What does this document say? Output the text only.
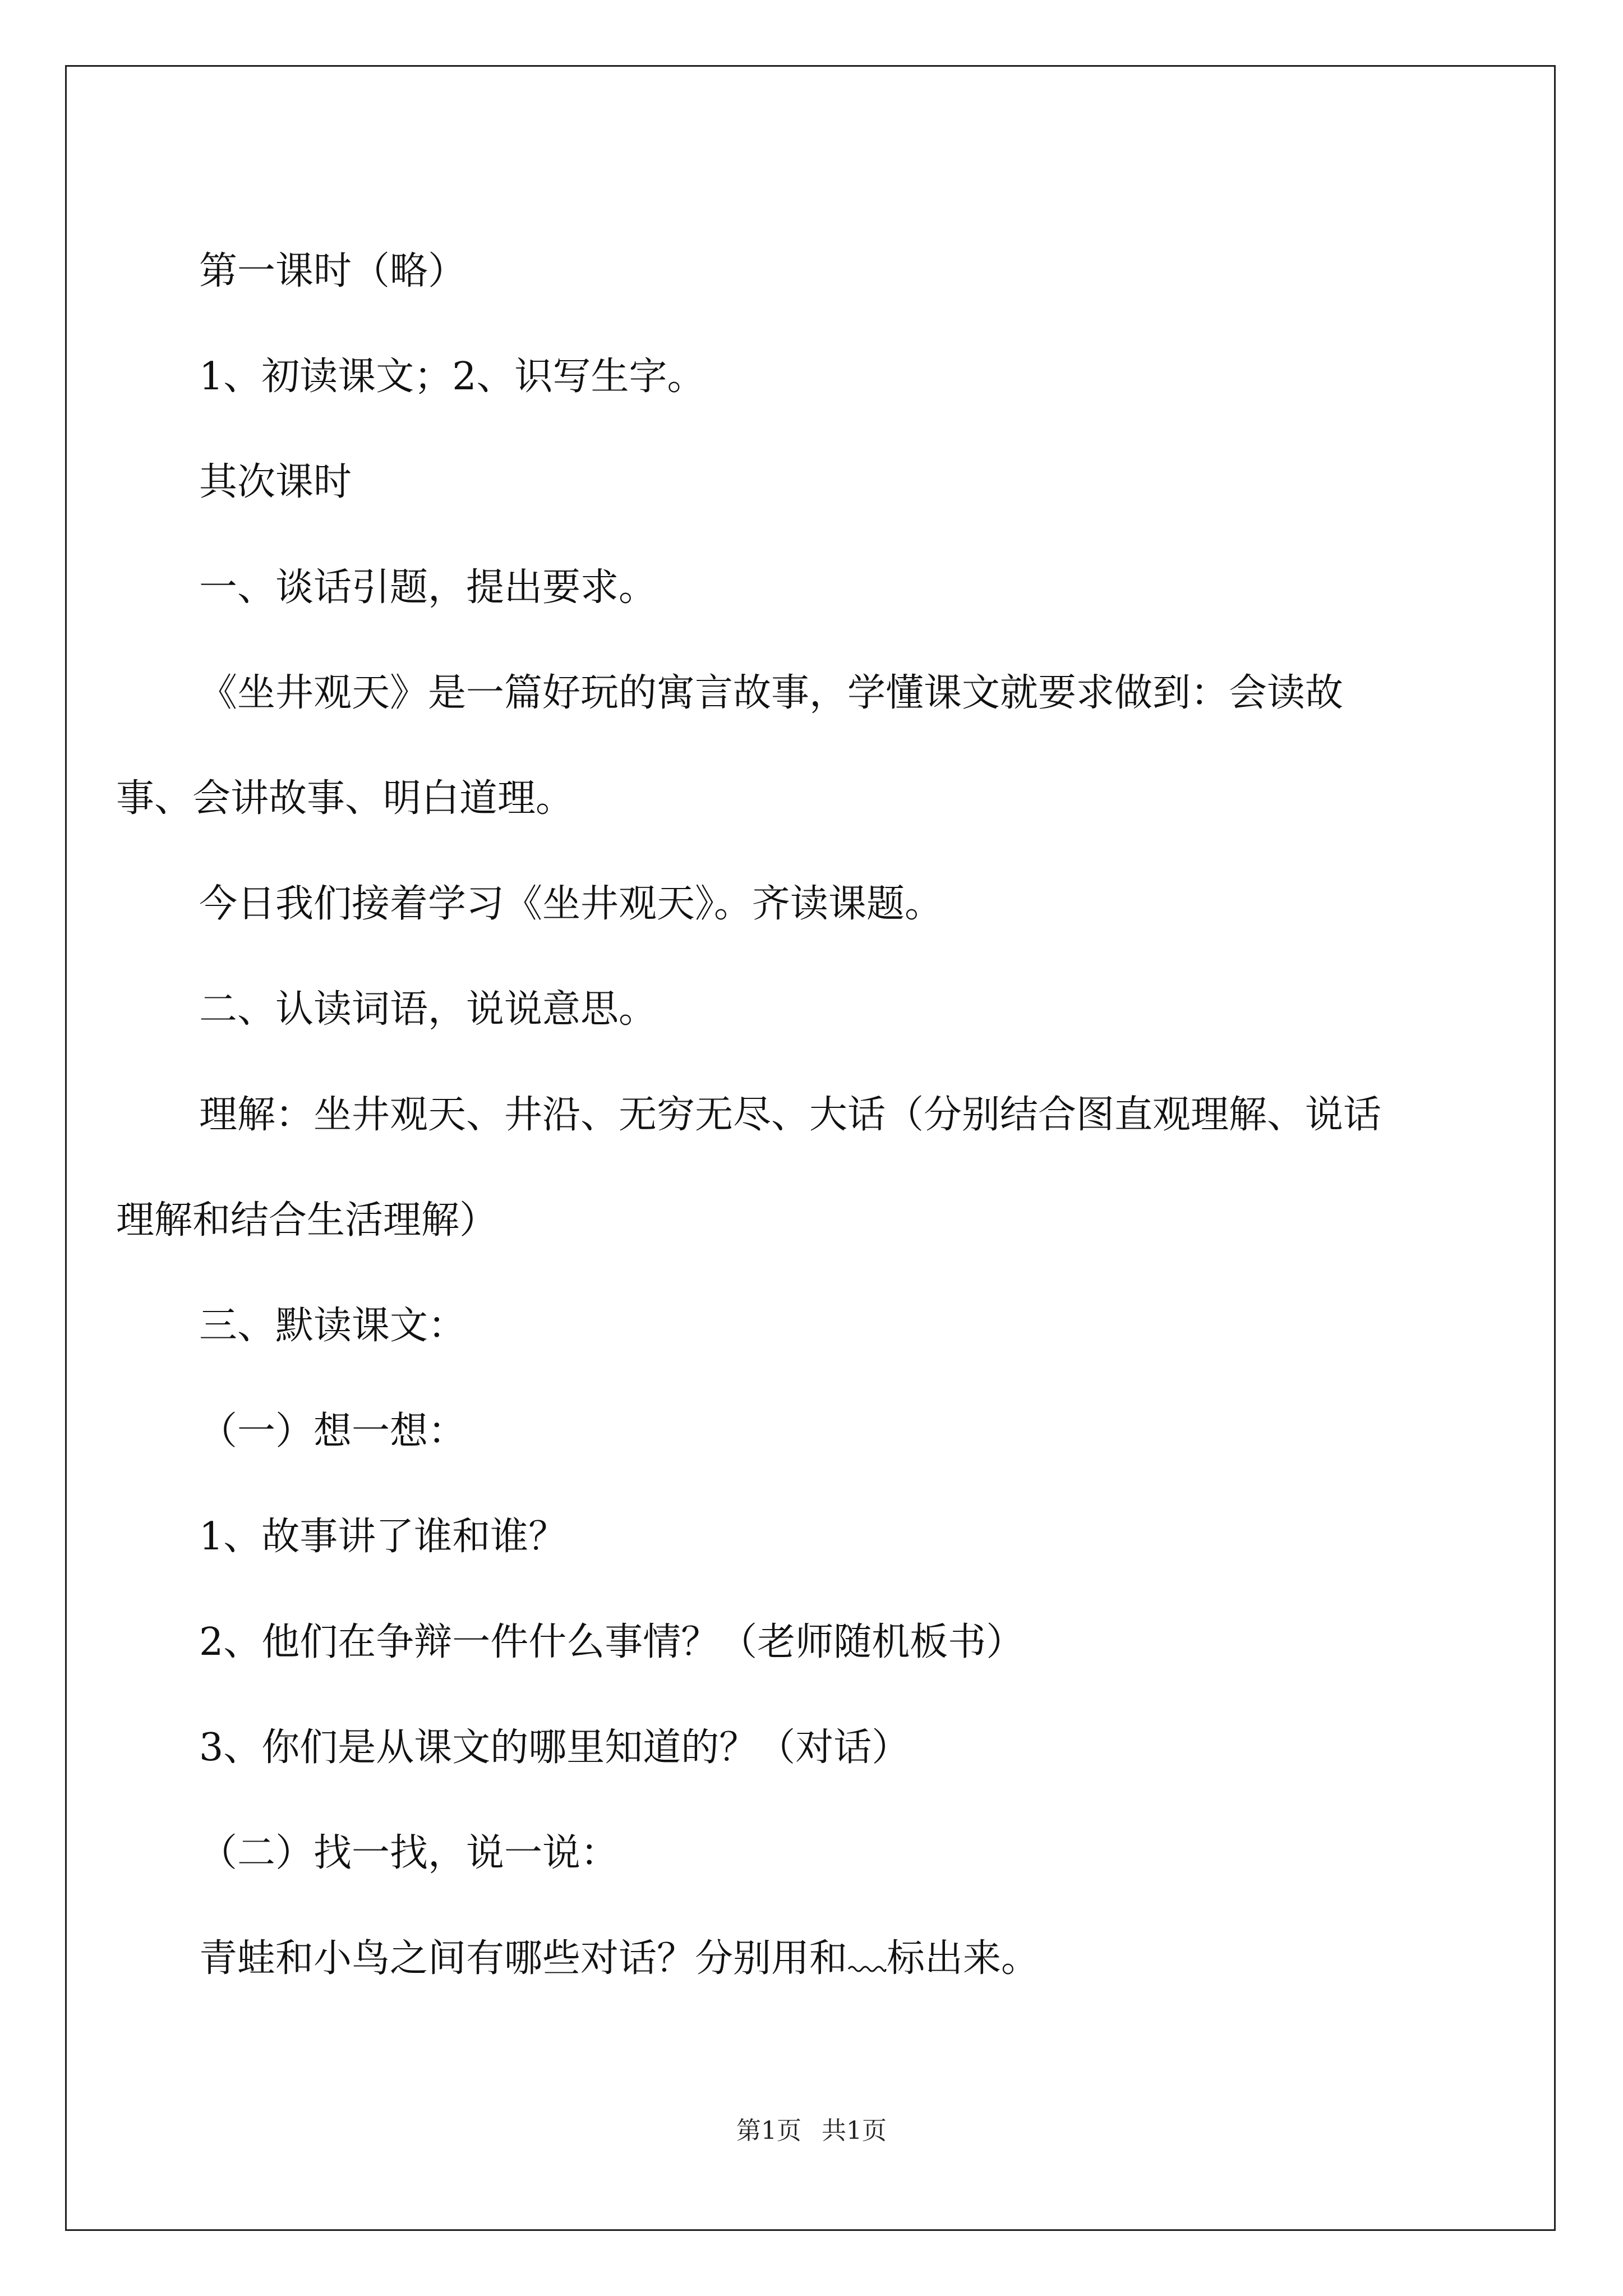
第一课时（略）

1、初读课文；2、识写生字。

其次课时

一、谈话引题，提出要求。

《坐井观天》是一篇好玩的寓言故事，学懂课文就要求做到：会读故事、会讲故事、明白道理。

今日我们接着学习《坐井观天》。齐读课题。

二、认读词语，说说意思。

理解：坐井观天、井沿、无穷无尽、大话（分别结合图直观理解、说话理解和结合生活理解）

三、默读课文：

（一）想一想：

1、故事讲了谁和谁？

2、他们在争辩一件什么事情？（老师随机板书）

3、你们是从课文的哪里知道的？（对话）

（二）找一找，说一说：

青蛙和小鸟之间有哪些对话？分别用和 标出来。

第1页 共1页
